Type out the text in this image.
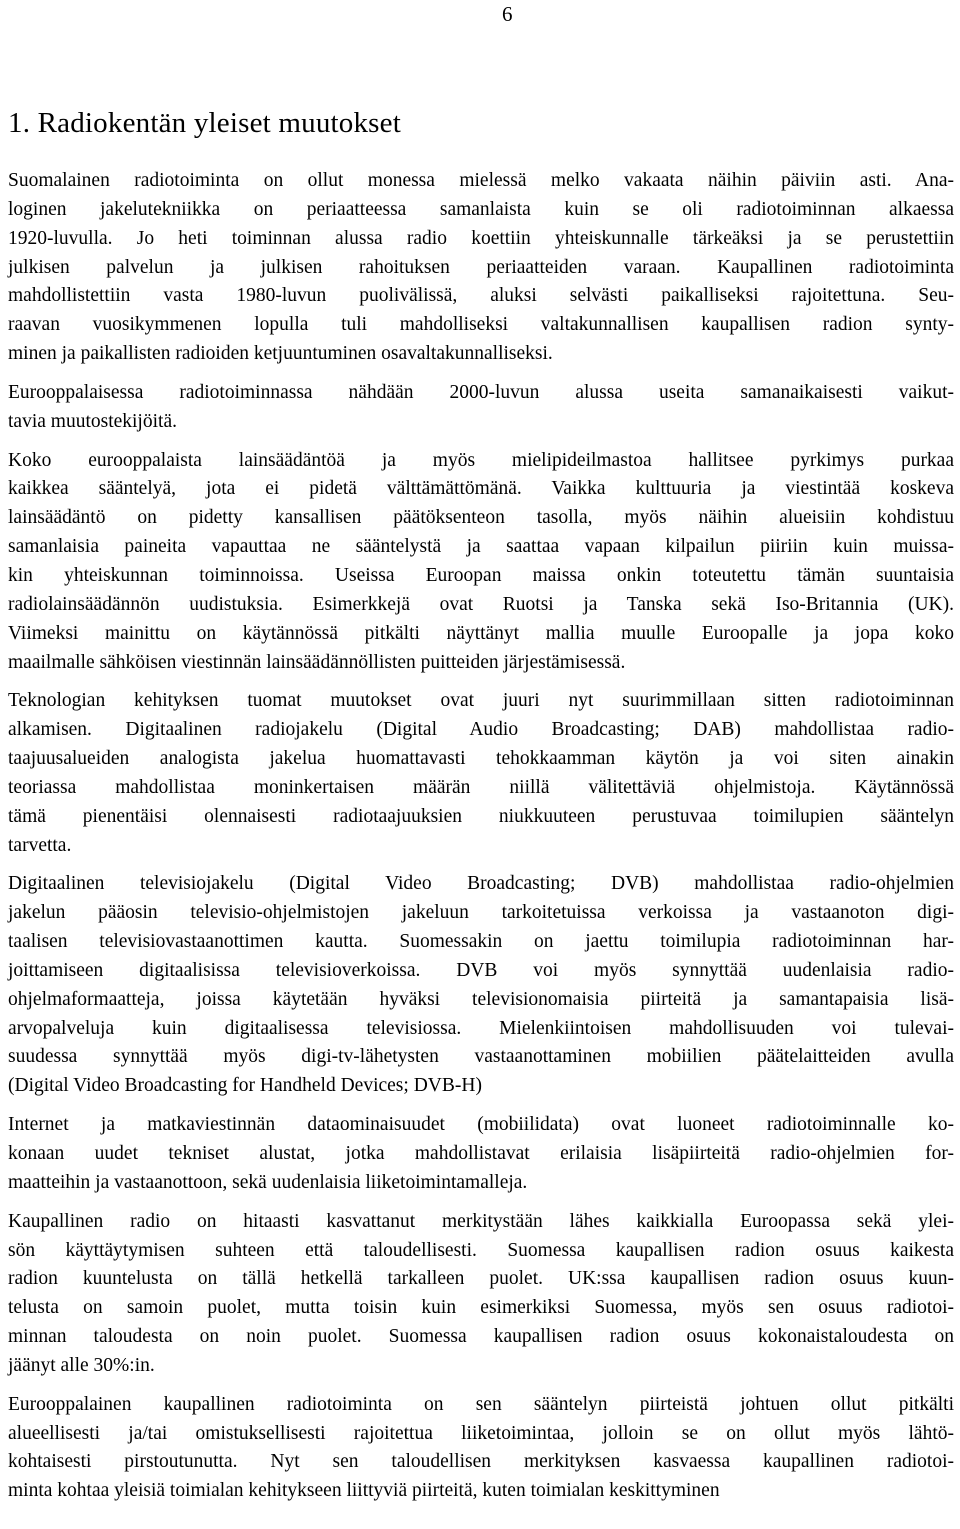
6
1. Radiokentän yleiset muutokset

Suomalainen radiotoiminta on ollut monessa mielessä melko vakaata näihin päiviin asti. Ana-
loginen jakelutekniikka on periaatteessa samanlaista kuin se oli radiotoiminnan alkaessa
1920-luvulla. Jo heti toiminnan alussa radio koettiin yhteiskunnalle tärkeäksi ja se perustettiin
julkisen palvelun ja julkisen rahoituksen periaatteiden varaan. Kaupallinen radiotoiminta
mahdollistettiin vasta 1980-luvun puolivälissä, aluksi selvästi paikalliseksi rajoitettuna. Seu-
raavan vuosikymmenen lopulla tuli mahdolliseksi valtakunnallisen kaupallisen radion synty-
minen ja paikallisten radioiden ketjuuntuminen osavaltakunnalliseksi.

Eurooppalaisessa radiotoiminnassa nähdään 2000-luvun alussa useita samanaikaisesti vaikut-
tavia muutostekijöitä.

Koko eurooppalaista lainsäädäntöä ja myös mielipideilmastoa hallitsee pyrkimys purkaa
kaikkea sääntelyä, jota ei pidetä välttämättömänä. Vaikka kulttuuria ja viestintää koskeva
lainsäädäntö on pidetty kansallisen päätöksenteon tasolla, myös näihin alueisiin kohdistuu
samanlaisia paineita vapauttaa ne sääntelystä ja saattaa vapaan kilpailun piiriin kuin muissa-
kin yhteiskunnan toiminnoissa. Useissa Euroopan maissa onkin toteutettu tämän suuntaisia
radiolainsäädännön uudistuksia. Esimerkkejä ovat Ruotsi ja Tanska sekä Iso-Britannia (UK).
Viimeksi mainittu on käytännössä pitkälti näyttänyt mallia muulle Euroopalle ja jopa koko
maailmalle sähköisen viestinnän lainsäädännöllisten puitteiden järjestämisessä.

Teknologian kehityksen tuomat muutokset ovat juuri nyt suurimmillaan sitten radiotoiminnan
alkamisen. Digitaalinen radiojakelu (Digital Audio Broadcasting; DAB) mahdollistaa radio-
taajuusalueiden analogista jakelua huomattavasti tehokkaamman käytön ja voi siten ainakin
teoriassa mahdollistaa moninkertaisen määrän niillä välitettäviä ohjelmistoja. Käytännössä
tämä pienentäisi olennaisesti radiotaajuuksien niukkuuteen perustuvaa toimilupien sääntelyn
tarvetta.

Digitaalinen televisiojakelu (Digital Video Broadcasting; DVB) mahdollistaa radio-ohjelmien
jakelun pääosin televisio-ohjelmistojen jakeluun tarkoitetuissa verkoissa ja vastaanoton digi-
taalisen televisiovastaanottimen kautta. Suomessakin on jaettu toimilupia radiotoiminnan har-
joittamiseen digitaalisissa televisioverkoissa. DVB voi myös synnyttää uudenlaisia radio-
ohjelmaformaatteja, joissa käytetään hyväksi televisionomaisia piirteitä ja samantapaisia lisä-
arvopalveluja kuin digitaalisessa televisiossa. Mielenkiintoisen mahdollisuuden voi tulevai-
suudessa synnyttää myös digi-tv-lähetysten vastaanottaminen mobiilien päätelaitteiden avulla
(Digital Video Broadcasting for Handheld Devices; DVB-H)

Internet ja matkaviestinnän dataominaisuudet (mobiilidata) ovat luoneet radiotoiminnalle ko-
konaan uudet tekniset alustat, jotka mahdollistavat erilaisia lisäpiirteitä radio-ohjelmien for-
maatteihin ja vastaanottoon, sekä uudenlaisia liiketoimintamalleja.

Kaupallinen radio on hitaasti kasvattanut merkitystään lähes kaikkialla Euroopassa sekä ylei-
sön käyttäytymisen suhteen että taloudellisesti. Suomessa kaupallisen radion osuus kaikesta
radion kuuntelusta on tällä hetkellä tarkalleen puolet. UK:ssa kaupallisen radion osuus kuun-
telusta on samoin puolet, mutta toisin kuin esimerkiksi Suomessa, myös sen osuus radiotoi-
minnan taloudesta on noin puolet. Suomessa kaupallisen radion osuus kokonaistaloudesta on
jäänyt alle 30%:in.

Eurooppalainen kaupallinen radiotoiminta on sen sääntelyn piirteistä johtuen ollut pitkälti
alueellisesti ja/tai omistuksellisesti rajoitettua liiketoimintaa, jolloin se on ollut myös lähtö-
kohtaisesti pirstoutunutta. Nyt sen taloudellisen merkityksen kasvaessa kaupallinen radiotoi-
minta kohtaa yleisiä toimialan kehitykseen liittyviä piirteitä, kuten toimialan keskittyminen
